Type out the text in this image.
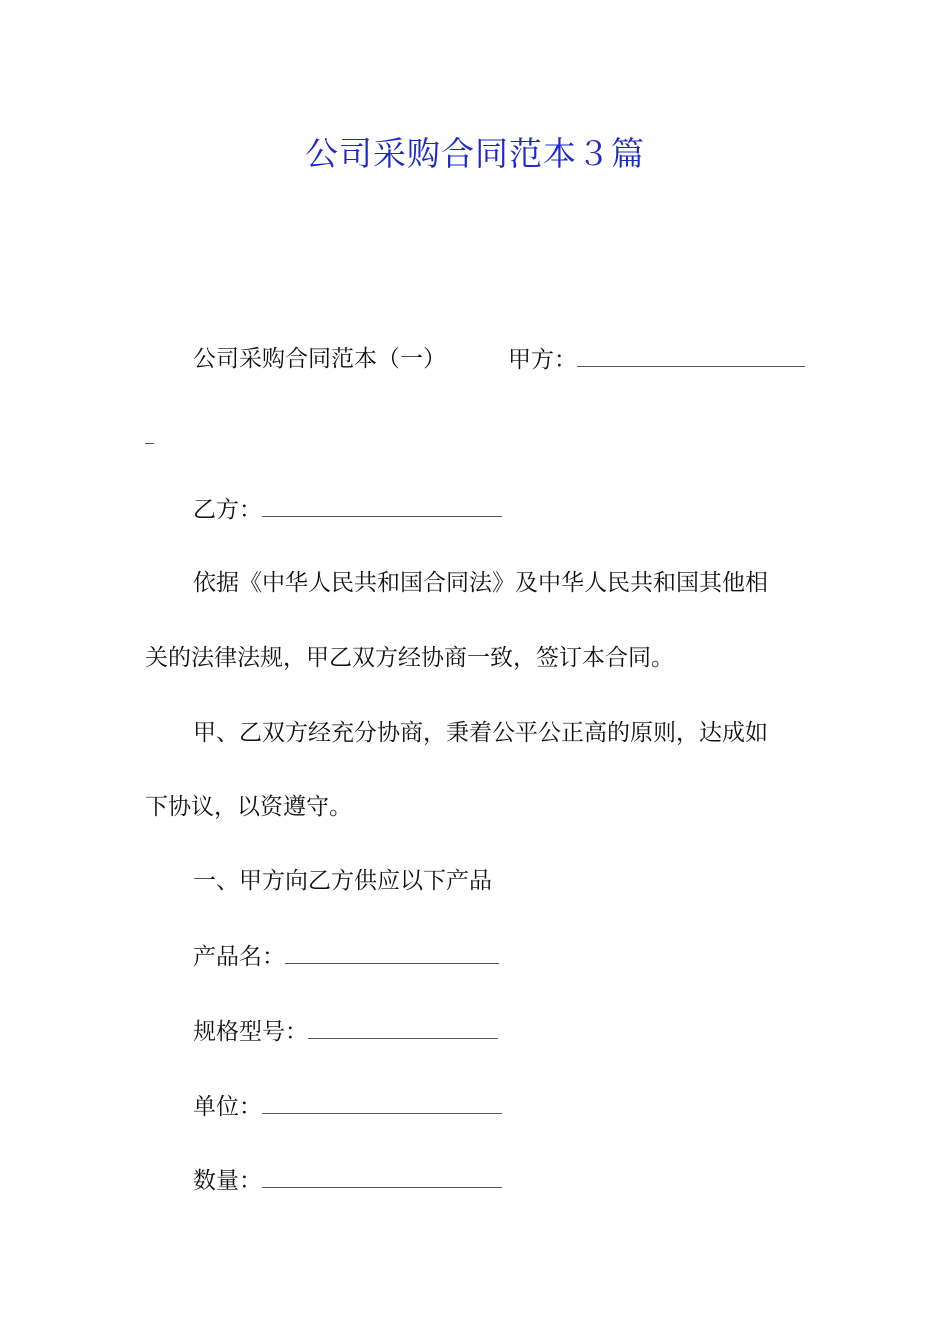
公司采购合同范本３篇
公司采购合同范本（一）	甲方：
乙方：
依据《中华人民共和国合同法》及中华人民共和国其他相
关的法律法规，甲乙双方经协商一致，签订本合同。
甲、乙双方经充分协商，秉着公平公正高的原则，达成如
下协议，以资遵守。
一、甲方向乙方供应以下产品
产品名：
规格型号：
单位：
数量：
